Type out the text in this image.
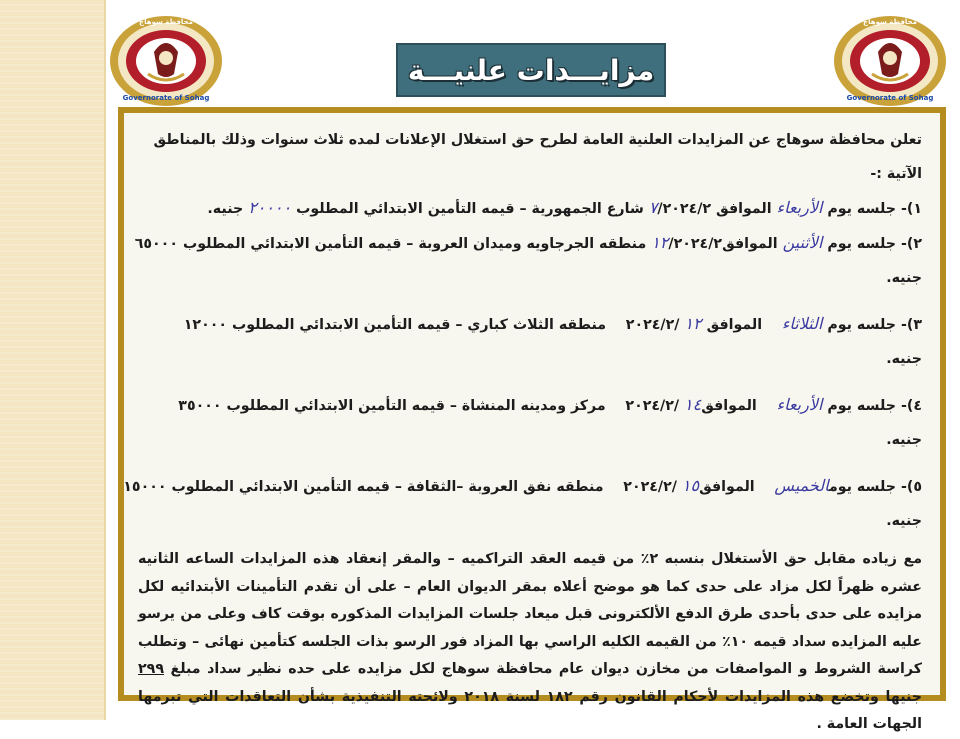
محافظة سوهاج
Governorate of Sohag
محافظة سوهاج
Governorate of Sohag
مزايـــدات علنيـــة

تعلن محافظة سوهاج عن المزايدات العلنية العامة لطرح حق استغلال الإعلانات لمده ثلاث سنوات وذلك بالمناطق الآتية :-

١)- جلسه يوم الأربعاء الموافق ٧/٢٠٢٤/٢ شارع الجمهورية – قيمه التأمين الابتدائي المطلوب ٢٠٠٠٠ جنيه.

٢)- جلسه يوم الأثنين الموافق١٢/٢٠٢٤/٢ منطقه الجرجاويه وميدان العروبة – قيمه التأمين الابتدائي المطلوب ٦٥٠٠٠

جنيه.

٣)- جلسه يوم الثلاثاء    الموافق ١٢ /٢٠٢٤/٢    منطقه الثلاث كباري – قيمه التأمين الابتدائي المطلوب ١٢٠٠٠

جنيه.

٤)- جلسه يوم الأربعاء    الموافق١٤ /٢٠٢٤/٢    مركز ومدينه المنشاة – قيمه التأمين الابتدائي المطلوب ٣٥٠٠٠

جنيه.

٥)- جلسه يومالخميس    الموافق١٥ /٢٠٢٤/٢    منطقه نفق العروبة –الثقافة – قيمه التأمين الابتدائي المطلوب ١٥٠٠٠

جنيه.

مع زياده مقابل حق الأستغلال بنسبه ٢٪ من قيمه العقد التراكميه – والمقر إنعقاد هذه المزايدات الساعه الثانيه عشره ظهراً لكل مزاد على حدى كما هو موضح أعلاه بمقر الديوان العام – على أن تقدم التأمينات الأبتدائيه لكل مزايده على حدى بأحدى طرق الدفع الألكترونى قبل ميعاد جلسات المزايدات المذكوره بوقت كاف وعلى من يرسو عليه المزايده سداد قيمه ١٠٪ من القيمه الكليه الراسي بها المزاد فور الرسو بذات الجلسه كتأمين نهائى – وتطلب كراسة الشروط و المواصفات من مخازن ديوان عام محافظة سوهاج لكل مزايده على حده نظير سداد مبلغ ٢٩٩ جنيها وتخضع هذه المزايدات لأحكام القانون رقم ١٨٢ لسنة ٢٠١٨ ولائحته التنفيذية بشأن التعاقدات التي تبرمها الجهات العامة .
